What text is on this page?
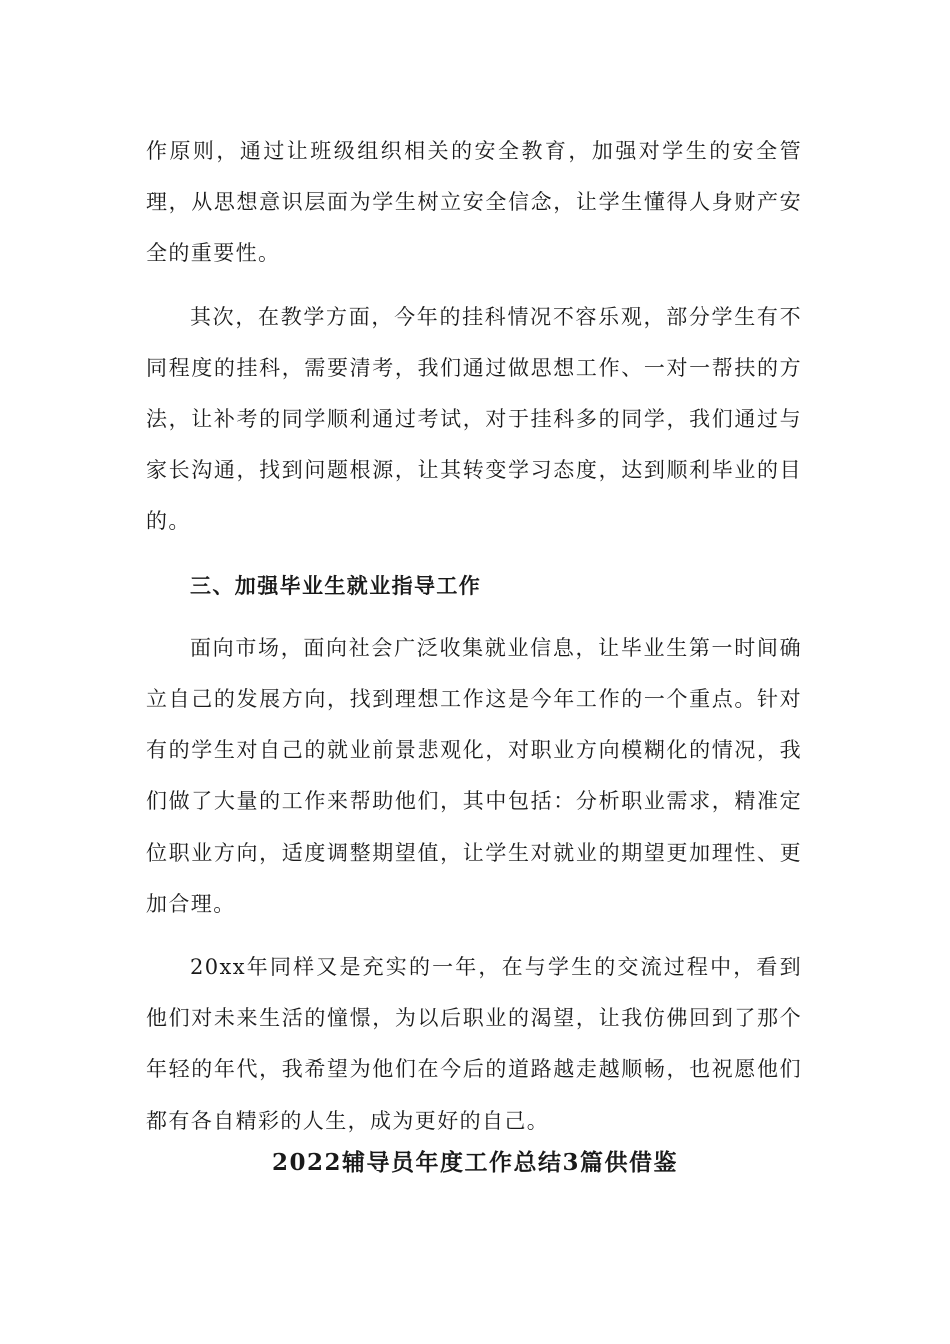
作原则，通过让班级组织相关的安全教育，加强对学生的安全管理，从思想意识层面为学生树立安全信念，让学生懂得人身财产安全的重要性。

其次，在教学方面，今年的挂科情况不容乐观，部分学生有不同程度的挂科，需要清考，我们通过做思想工作、一对一帮扶的方法，让补考的同学顺利通过考试，对于挂科多的同学，我们通过与家长沟通，找到问题根源，让其转变学习态度，达到顺利毕业的目的。

三、加强毕业生就业指导工作

面向市场，面向社会广泛收集就业信息，让毕业生第一时间确立自己的发展方向，找到理想工作这是今年工作的一个重点。针对有的学生对自己的就业前景悲观化，对职业方向模糊化的情况，我们做了大量的工作来帮助他们，其中包括：分析职业需求，精准定位职业方向，适度调整期望值，让学生对就业的期望更加理性、更加合理。

20xx年同样又是充实的一年，在与学生的交流过程中，看到他们对未来生活的憧憬，为以后职业的渴望，让我仿佛回到了那个年轻的年代，我希望为他们在今后的道路越走越顺畅，也祝愿他们都有各自精彩的人生，成为更好的自己。

2022辅导员年度工作总结3篇供借鉴
